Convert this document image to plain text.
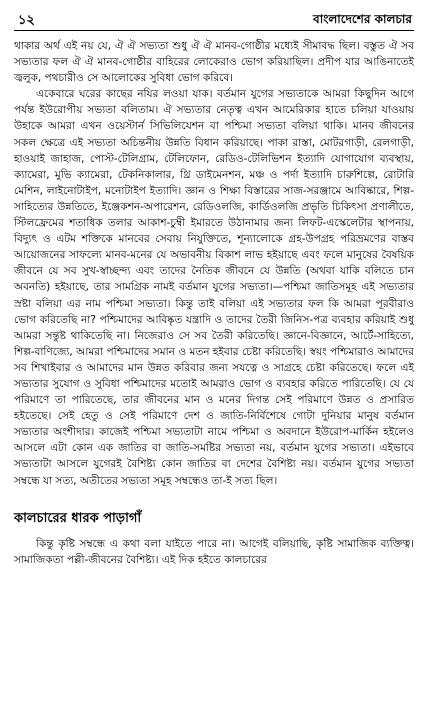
১২	বাংলাদেশের কালচার

থাকার অর্থ এই নয় যে, ঐ ঐ সভ্যতা শুধু ঐ ঐ মানব-গোষ্ঠীর মধ্যেই সীমাবদ্ধ ছিল। বস্তুত ঐ সব সভ্যতার ফল ঐ ঐ মানব-গোষ্ঠীর বাহিরের লোকেরাও ভোগ করিয়াছিল। প্রদীপ যার আঙিনাতেই জ্বলুক, পথচারীও সে আলোকের সুবিধা ভোগ করিবে।

একেবারে ঘরের কাছের নযির লওয়া যাক। বর্তমান যুগের সভ্যতাকে আমরা কিছুদিন আগে পর্যন্ত ইউরোপীয় সভ্যতা বলিতাম। ঐ সভ্যতার নেতৃত্ব এখন আমেরিকার হাতে চলিয়া যাওয়ায় উহাকে আমরা এখন ওয়েস্টার্ন সিভিলিযেশন বা পশ্চিমা সভ্যতা বলিয়া থাকি। মানব জীবনের সকল ক্ষেত্রে এই সভ্যতা অচিন্তনীয় উন্নতি বিধান করিয়াছে। পাকা রাস্তা, মোটরগাড়ী, রেলগাড়ী, হাওয়াই জাহাজ, পোস্ট-টেলিগ্রাম, টেলিফোন, রেডিও-টেলিভিশন ইত্যাদি যোগাযোগ ব্যবস্থায়, ক্যামেরা, মুভি ক্যামেরা, টেকনিকালার, থ্রি ডাইমেনশন, মঞ্চ ও পর্দা ইত্যাদি চারুশিল্পে, রোটারি মেশিন, লাইনোটাইপ, মনোটাইপ ইত্যাদি। জ্ঞান ও শিক্ষা বিস্তারের সাজ-সরঞ্জামে আবিষ্কারে, শিল্প-সাহিত্যের উন্নতিতে, ইঞ্জেকশন-অপারেশন, রেডিওলজি, কার্ডিওলজি প্রভৃতি চিকিৎসা প্রণালীতে, স্টিলফ্রেমের শতাধিক তলার আকাশ-চুম্বী ইমারতে উঠানামার জন্য লিফট-এস্কেলেটার স্থাপনায়, বিদ্যুৎ ও এটম শক্তিকে মানবের সেবায় নিযুক্তিতে, শূন্যালোকে গ্রহ-উপগ্রহ পরিভ্রমণের বাস্তব আয়োজনের সাফল্যে মানব-মনের যে অভাবনীয় বিকাশ লাভ হইয়াছে এবং ফলে মানুষের বৈষয়িক জীবনে যে সব সুখ-স্বাচ্ছন্দ্য এবং তাদের নৈতিক জীবনে যে উন্নতি (অথবা যাকি বলিতে চান অবনতি) হইয়াছে, তার সামগ্রিক নামই বর্তমান যুগের সভ্যতা।—পশ্চিমা জাতিসমূহ এই সভ্যতার স্রষ্টা বলিয়া এর নাম পশ্চিমা সভ্যতা। কিন্তু তাই বলিয়া এই সভ্যতার ফল কি আমরা পূরবীরাও ভোগ করিতেছি না? পশ্চিমাদের আবিষ্কৃত যন্ত্রাদি ও তাদের তৈরী জিনিস-পত্র ব্যবহার করিয়াই শুধু আমরা সন্তুষ্ট থাকিতেছি না। নিজেরাও সে সব তৈরী করিতেছি। জ্ঞানে-বিজ্ঞানে, আর্টে-সাহিত্যে, শিল্প-বাণিজ্যে, আমরা পশ্চিমাদের সমান ও মতন হইবার চেষ্টা করিতেছি। স্বয়ং পশ্চিমারাও আমাদের সব শিখাইবার ও আমাদের মান উন্নত করিবার জন্য সযত্নে ও সাগ্রহে চেষ্টা করিতেছে। ফলে এই সভ্যতার সুযোগ ও সুবিধা পশ্চিমাদের মতোই আমরাও ভোগ ও ব্যবহার করিতে পারিতেছি। যে যে পরিমাণে তা পারিতেছে, তার জীবনের মান ও মনের দিগন্ত সেই পরিমাণে উন্নত ও প্রসারিত হইতেছে। সেই হেতু ও সেই পরিমাণে দেশ ও জাতি-নির্বিশেষে গোটা দুনিয়ার মানুষ বর্তমান সভ্যতার অংশীদার। কাজেই পশ্চিমা সভ্যতাটা নামে পশ্চিমা ও অবদানে ইউরোপ-মার্কিন হইলেও আসলে এটা কোন এক জাতির বা জাতি-সমষ্টির সভ্যতা নয়, বর্তমান যুগের সভ্যতা। এইভাবে সভ্যতাটা আসলে যুগেরই বৈশিষ্ট্য কোন জাতির বা দেশের বৈশিষ্ট্য নয়। বর্তমান যুগের সভ্যতা সম্বন্ধে যা সত্য, অতীতের সভ্যতা সমূহ সম্বন্ধেও তা-ই সত্য ছিল।

কালচারের ধারক পাড়াগাঁ

কিন্তু কৃষ্টি সম্বন্ধে এ কথা বলা যাইতে পারে না। আগেই বলিয়াছি, কৃষ্টি সামাজিক ব্যক্তিত্ব। সামাজিকতা পল্লী-জীবনের বৈশিষ্ট্য। এই দিক হইতে কালচারের
